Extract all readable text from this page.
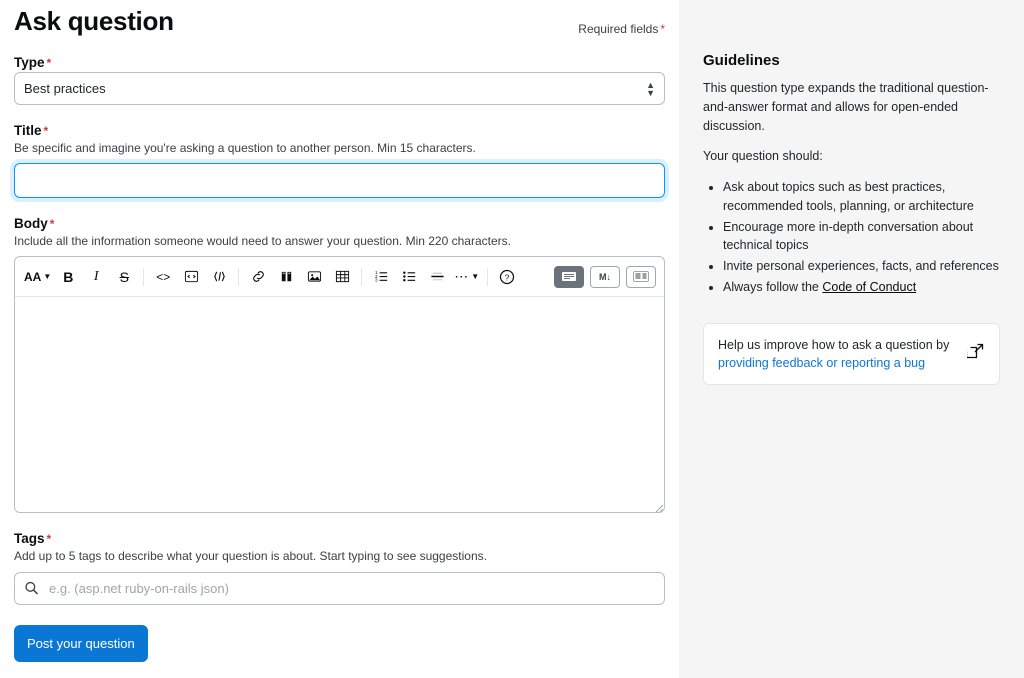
Ask question	Required fields *
Type *
Best practices
▲
▼
Title *
Be specific and imagine you're asking a question to another person. Min 15 characters.
Body *
Include all the information someone would need to answer your question. Min 220 characters.
AA ▼ B	I	S	<>	1
2
3	⋯ ▼	?	M↓
Tags *
Add up to 5 tags to describe what your question is about. Start typing to see suggestions.
e.g. (asp.net ruby-on-rails json)
Post your question
Guidelines

This question type expands the traditional question-and-answer format and allows for open-ended discussion.

Your question should:

• Ask about topics such as best practices, recommended tools, planning, or architecture
• Encourage more in-depth conversation about technical topics
• Invite personal experiences, facts, and references
• Always follow the Code of Conduct
Help us improve how to ask a question by providing feedback or reporting a bug
